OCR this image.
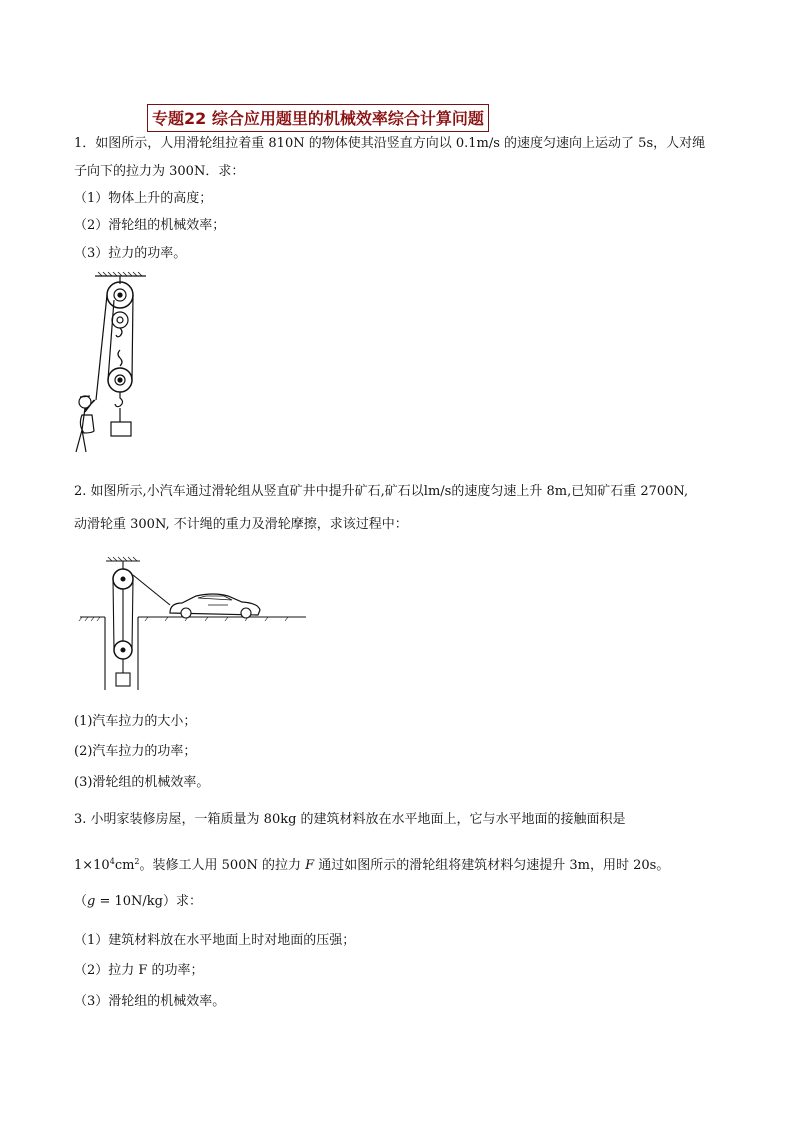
专题22 综合应用题里的机械效率综合计算问题
1．如图所示，人用滑轮组拉着重 810N 的物体使其沿竖直方向以 0.1m/s 的速度匀速向上运动了 5s，人对绳
子向下的拉力为 300N．求：
（1）物体上升的高度；
（2）滑轮组的机械效率；
（3）拉力的功率。
2. 如图所示,小汽车通过滑轮组从竖直矿井中提升矿石,矿石以lm/s的速度匀速上升 8m,已知矿石重 2700N,
动滑轮重 300N, 不计绳的重力及滑轮摩擦，求该过程中：
(1)汽车拉力的大小；
(2)汽车拉力的功率；
(3)滑轮组的机械效率。
3. 小明家装修房屋，一箱质量为 80kg 的建筑材料放在水平地面上，它与水平地面的接触面积是
$1\times 10^4cm^2$。装修工人用 500N 的拉力 F 通过如图所示的滑轮组将建筑材料匀速提升 3m，用时 20s。
（g = 10N/kg）求：
（1）建筑材料放在水平地面上时对地面的压强；
（2）拉力 F 的功率；
（3）滑轮组的机械效率。
